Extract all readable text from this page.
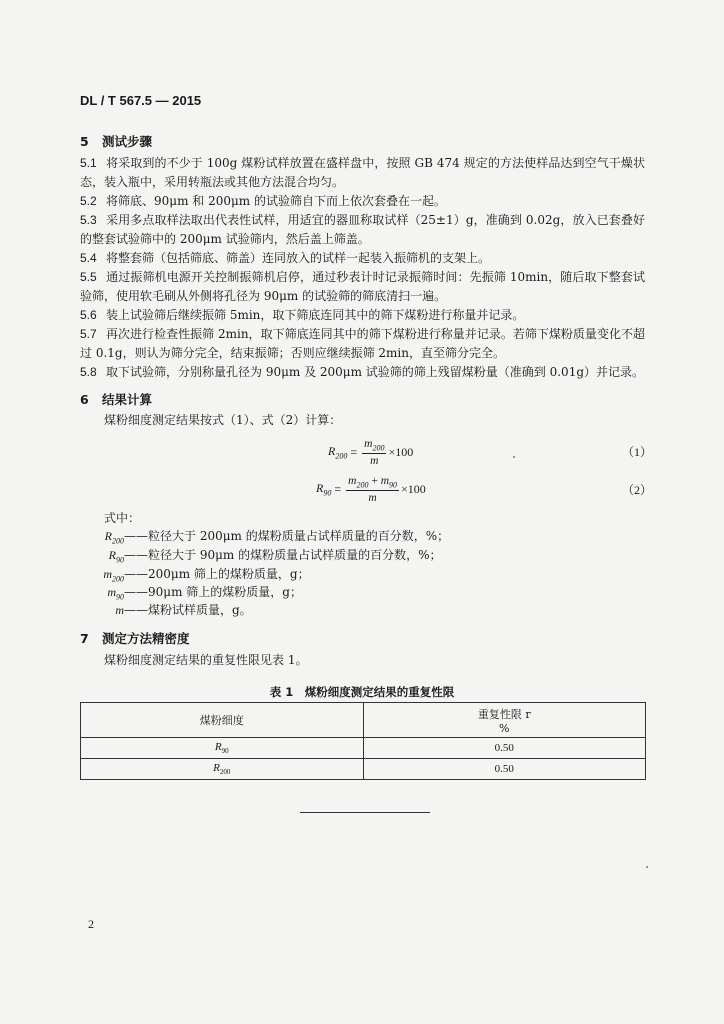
DL / T 567.5 — 2015
5 测试步骤
5.1 将采取到的不少于 100g 煤粉试样放置在盛样盘中，按照 GB 474 规定的方法使样品达到空气干燥状态，装入瓶中，采用转瓶法或其他方法混合均匀。
5.2 将筛底、90μm 和 200μm 的试验筛自下而上依次套叠在一起。
5.3 采用多点取样法取出代表性试样，用适宜的器皿称取试样（25±1）g，准确到 0.02g，放入已套叠好的整套试验筛中的 200μm 试验筛内，然后盖上筛盖。
5.4 将整套筛（包括筛底、筛盖）连同放入的试样一起装入振筛机的支架上。
5.5 通过振筛机电源开关控制振筛机启停，通过秒表计时记录振筛时间：先振筛 10min，随后取下整套试验筛，使用软毛刷从外侧将孔径为 90μm 的试验筛的筛底清扫一遍。
5.6 装上试验筛后继续振筛 5min，取下筛底连同其中的筛下煤粉进行称量并记录。
5.7 再次进行检查性振筛 2min，取下筛底连同其中的筛下煤粉进行称量并记录。若筛下煤粉质量变化不超过 0.1g，则认为筛分完全，结束振筛；否则应继续振筛 2min，直至筛分完全。
5.8 取下试验筛，分别称量孔径为 90μm 及 200μm 试验筛的筛上残留煤粉量（准确到 0.01g）并记录。
6 结果计算
煤粉细度测定结果按式（1）、式（2）计算：
$R_{200} = \frac{m_{200}}{m} \times 100$	（1）
$R_{90} = \frac{m_{200} + m_{90}}{m} \times 100$	（2）
式中：
$R_{200}$ —— 粒径大于 200μm 的煤粉质量占试样质量的百分数，%；
$R_{90}$ —— 粒径大于 90μm 的煤粉质量占试样质量的百分数，%；
$m_{200}$ —— 200μm 筛上的煤粉质量，g；
$m_{90}$ —— 90μm 筛上的煤粉质量，g；
m —— 煤粉试样质量，g。
7 测定方法精密度
煤粉细度测定结果的重复性限见表 1。
表 1　煤粉细度测定结果的重复性限
煤粉细度	重复性限 r
%
$R_{90}$	0.50
$R_{200}$	0.50
2
